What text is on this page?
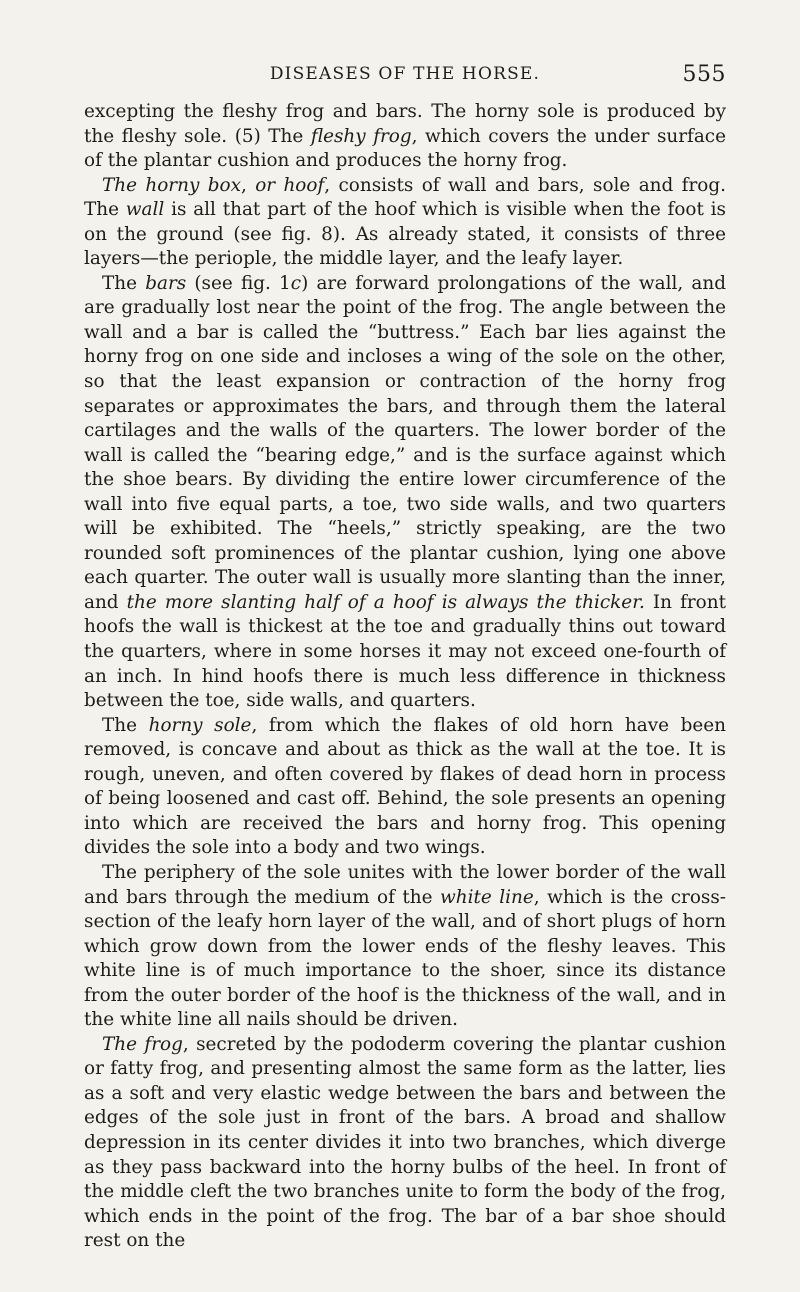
DISEASES OF THE HORSE.	555

excepting the fleshy frog and bars. The horny sole is produced by the fleshy sole. (5) The fleshy frog, which covers the under surface of the plantar cushion and produces the horny frog.

The horny box, or hoof, consists of wall and bars, sole and frog. The wall is all that part of the hoof which is visible when the foot is on the ground (see fig. 8). As already stated, it consists of three layers—the periople, the middle layer, and the leafy layer.

The bars (see fig. 1c) are forward prolongations of the wall, and are gradually lost near the point of the frog. The angle between the wall and a bar is called the “buttress.” Each bar lies against the horny frog on one side and incloses a wing of the sole on the other, so that the least expansion or contraction of the horny frog separates or approximates the bars, and through them the lateral cartilages and the walls of the quarters. The lower border of the wall is called the “bearing edge,” and is the surface against which the shoe bears. By dividing the entire lower circumference of the wall into five equal parts, a toe, two side walls, and two quarters will be exhibited. The “heels,” strictly speaking, are the two rounded soft prominences of the plantar cushion, lying one above each quarter. The outer wall is usually more slanting than the inner, and the more slanting half of a hoof is always the thicker. In front hoofs the wall is thickest at the toe and gradually thins out toward the quarters, where in some horses it may not exceed one-fourth of an inch. In hind hoofs there is much less difference in thickness between the toe, side walls, and quarters.

The horny sole, from which the flakes of old horn have been removed, is concave and about as thick as the wall at the toe. It is rough, uneven, and often covered by flakes of dead horn in process of being loosened and cast off. Behind, the sole presents an opening into which are received the bars and horny frog. This opening divides the sole into a body and two wings.

The periphery of the sole unites with the lower border of the wall and bars through the medium of the white line, which is the cross-section of the leafy horn layer of the wall, and of short plugs of horn which grow down from the lower ends of the fleshy leaves. This white line is of much importance to the shoer, since its distance from the outer border of the hoof is the thickness of the wall, and in the white line all nails should be driven.

The frog, secreted by the pododerm covering the plantar cushion or fatty frog, and presenting almost the same form as the latter, lies as a soft and very elastic wedge between the bars and between the edges of the sole just in front of the bars. A broad and shallow depression in its center divides it into two branches, which diverge as they pass backward into the horny bulbs of the heel. In front of the middle cleft the two branches unite to form the body of the frog, which ends in the point of the frog. The bar of a bar shoe should rest on the
